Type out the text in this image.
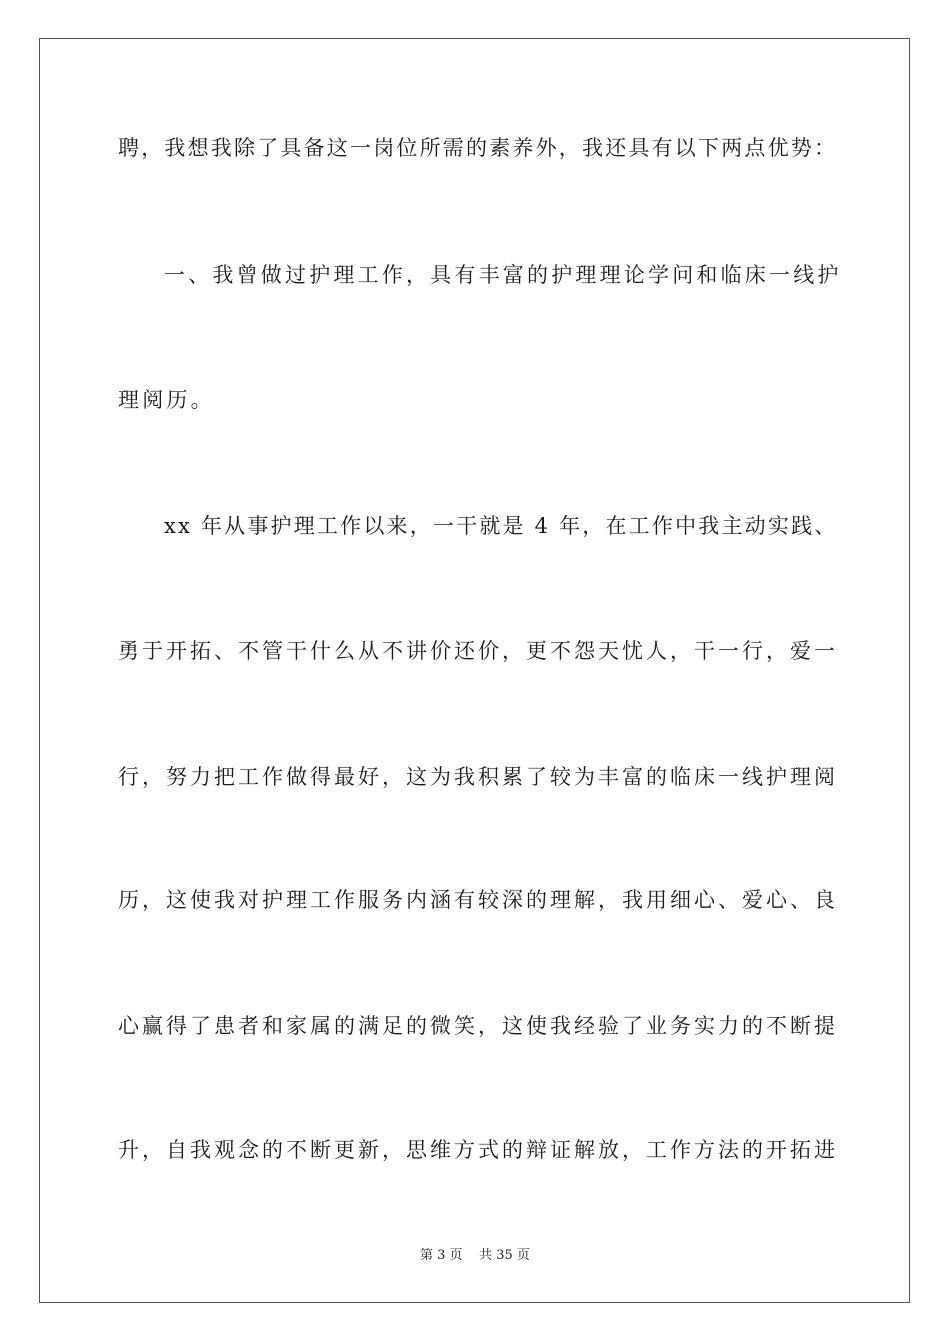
聘，我想我除了具备这一岗位所需的素养外，我还具有以下两点优势：
一、我曾做过护理工作，具有丰富的护理理论学问和临床一线护
理阅历。
xx 年从事护理工作以来，一干就是 4 年，在工作中我主动实践、
勇于开拓、不管干什么从不讲价还价，更不怨天忧人，干一行，爱一
行，努力把工作做得最好，这为我积累了较为丰富的临床一线护理阅
历，这使我对护理工作服务内涵有较深的理解，我用细心、爱心、良
心赢得了患者和家属的满足的微笑，这使我经验了业务实力的不断提
升，自我观念的不断更新，思维方式的辩证解放，工作方法的开拓进
第 3 页 共 35 页
